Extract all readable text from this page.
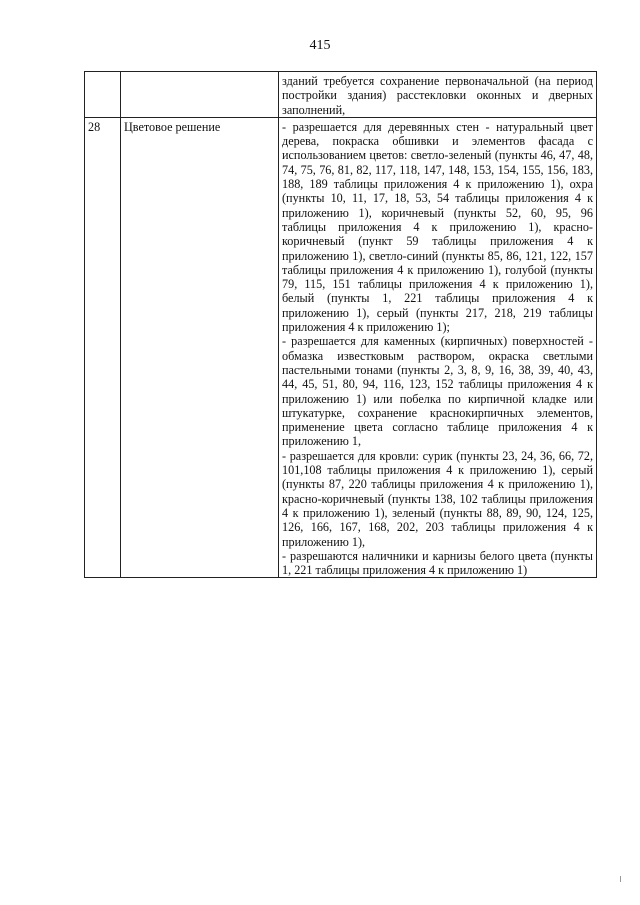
415

		зданий требуется сохранение первоначальной (на период постройки здания) расстекловки оконных и дверных заполнений,

28	Цветовое решение	- разрешается для деревянных стен - натуральный цвет дерева, покраска обшивки и элементов фасада с использованием цветов: светло-зеленый (пункты 46, 47, 48, 74, 75, 76, 81, 82, 117, 118, 147, 148, 153, 154, 155, 156, 183, 188, 189 таблицы приложения 4 к приложению 1), охра (пункты 10, 11, 17, 18, 53, 54 таблицы приложения 4 к приложению 1), коричневый (пункты 52, 60, 95, 96 таблицы приложения 4 к приложению 1), красно-коричневый (пункт 59 таблицы приложения 4 к приложению 1), светло-синий (пункты 85, 86, 121, 122, 157 таблицы приложения 4 к приложению 1), голубой (пункты 79, 115, 151 таблицы приложения 4 к приложению 1), белый (пункты 1, 221 таблицы приложения 4 к приложению 1), серый (пункты 217, 218, 219 таблицы приложения 4 к приложению 1);

- разрешается для каменных (кирпичных) поверхностей - обмазка известковым раствором, окраска светлыми пастельными тонами (пункты 2, 3, 8, 9, 16, 38, 39, 40, 43, 44, 45, 51, 80, 94, 116, 123, 152 таблицы приложения 4 к приложению 1) или побелка по кирпичной кладке или штукатурке, сохранение краснокирпичных элементов, применение цвета согласно таблице приложения 4 к приложению 1,

- разрешается для кровли: сурик (пункты 23, 24, 36, 66, 72, 101,108 таблицы приложения 4 к приложению 1), серый (пункты 87, 220 таблицы приложения 4 к приложению 1), красно-коричневый (пункты 138, 102 таблицы приложения 4 к приложению 1), зеленый (пункты 88, 89, 90, 124, 125, 126, 166, 167, 168, 202, 203 таблицы приложения 4 к приложению 1),

- разрешаются наличники и карнизы белого цвета (пункты 1, 221 таблицы приложения 4 к приложению 1)
